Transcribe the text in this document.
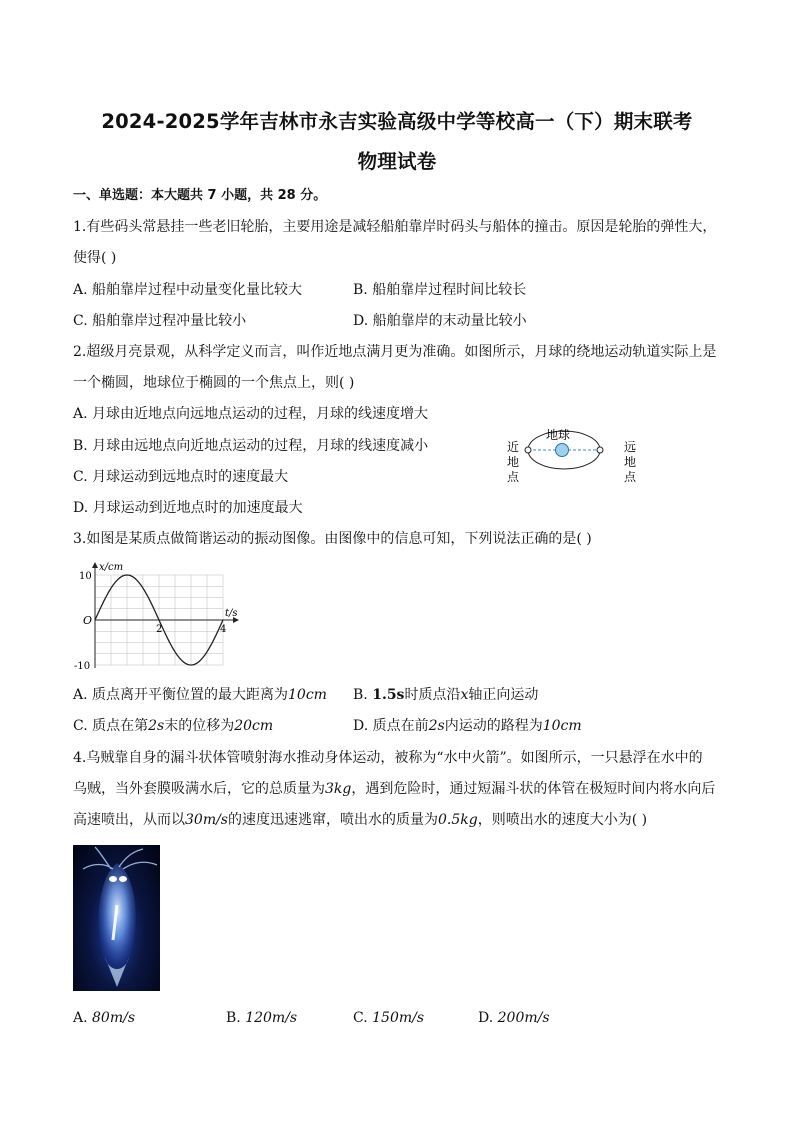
2024-2025学年吉林市永吉实验高级中学等校高一（下）期末联考
物理试卷
一、单选题：本大题共 7 小题，共 28 分。
1.有些码头常悬挂一些老旧轮胎，主要用途是减轻船舶靠岸时码头与船体的撞击。原因是轮胎的弹性大，
使得( )
A. 船舶靠岸过程中动量变化量比较大	B. 船舶靠岸过程时间比较长
C. 船舶靠岸过程冲量比较小	D. 船舶靠岸的末动量比较小
2.超级月亮景观，从科学定义而言，叫作近地点满月更为准确。如图所示，月球的绕地运动轨道实际上是
一个椭圆，地球位于椭圆的一个焦点上，则( )
A. 月球由近地点向远地点运动的过程，月球的线速度增大
B. 月球由远地点向近地点运动的过程，月球的线速度减小
C. 月球运动到远地点时的速度最大
D. 月球运动到近地点时的加速度最大
地球
近
地
点
远
地
点
3.如图是某质点做简谐运动的振动图像。由图像中的信息可知，下列说法正确的是( )
x/cm
t/s
O
10
-10
2	4
A. 质点离开平衡位置的最大距离为10cm B. 1.5s时质点沿x轴正向运动
C. 质点在第2s末的位移为20cm	D. 质点在前2s内运动的路程为10cm
4.乌贼靠自身的漏斗状体管喷射海水推动身体运动，被称为“水中火箭”。如图所示，一只悬浮在水中的
乌贼，当外套膜吸满水后，它的总质量为3kg，遇到危险时，通过短漏斗状的体管在极短时间内将水向后
高速喷出，从而以30m/s的速度迅速逃窜，喷出水的质量为0.5kg，则喷出水的速度大小为( )
A. 80m/s	B. 120m/s	C. 150m/s	D. 200m/s
